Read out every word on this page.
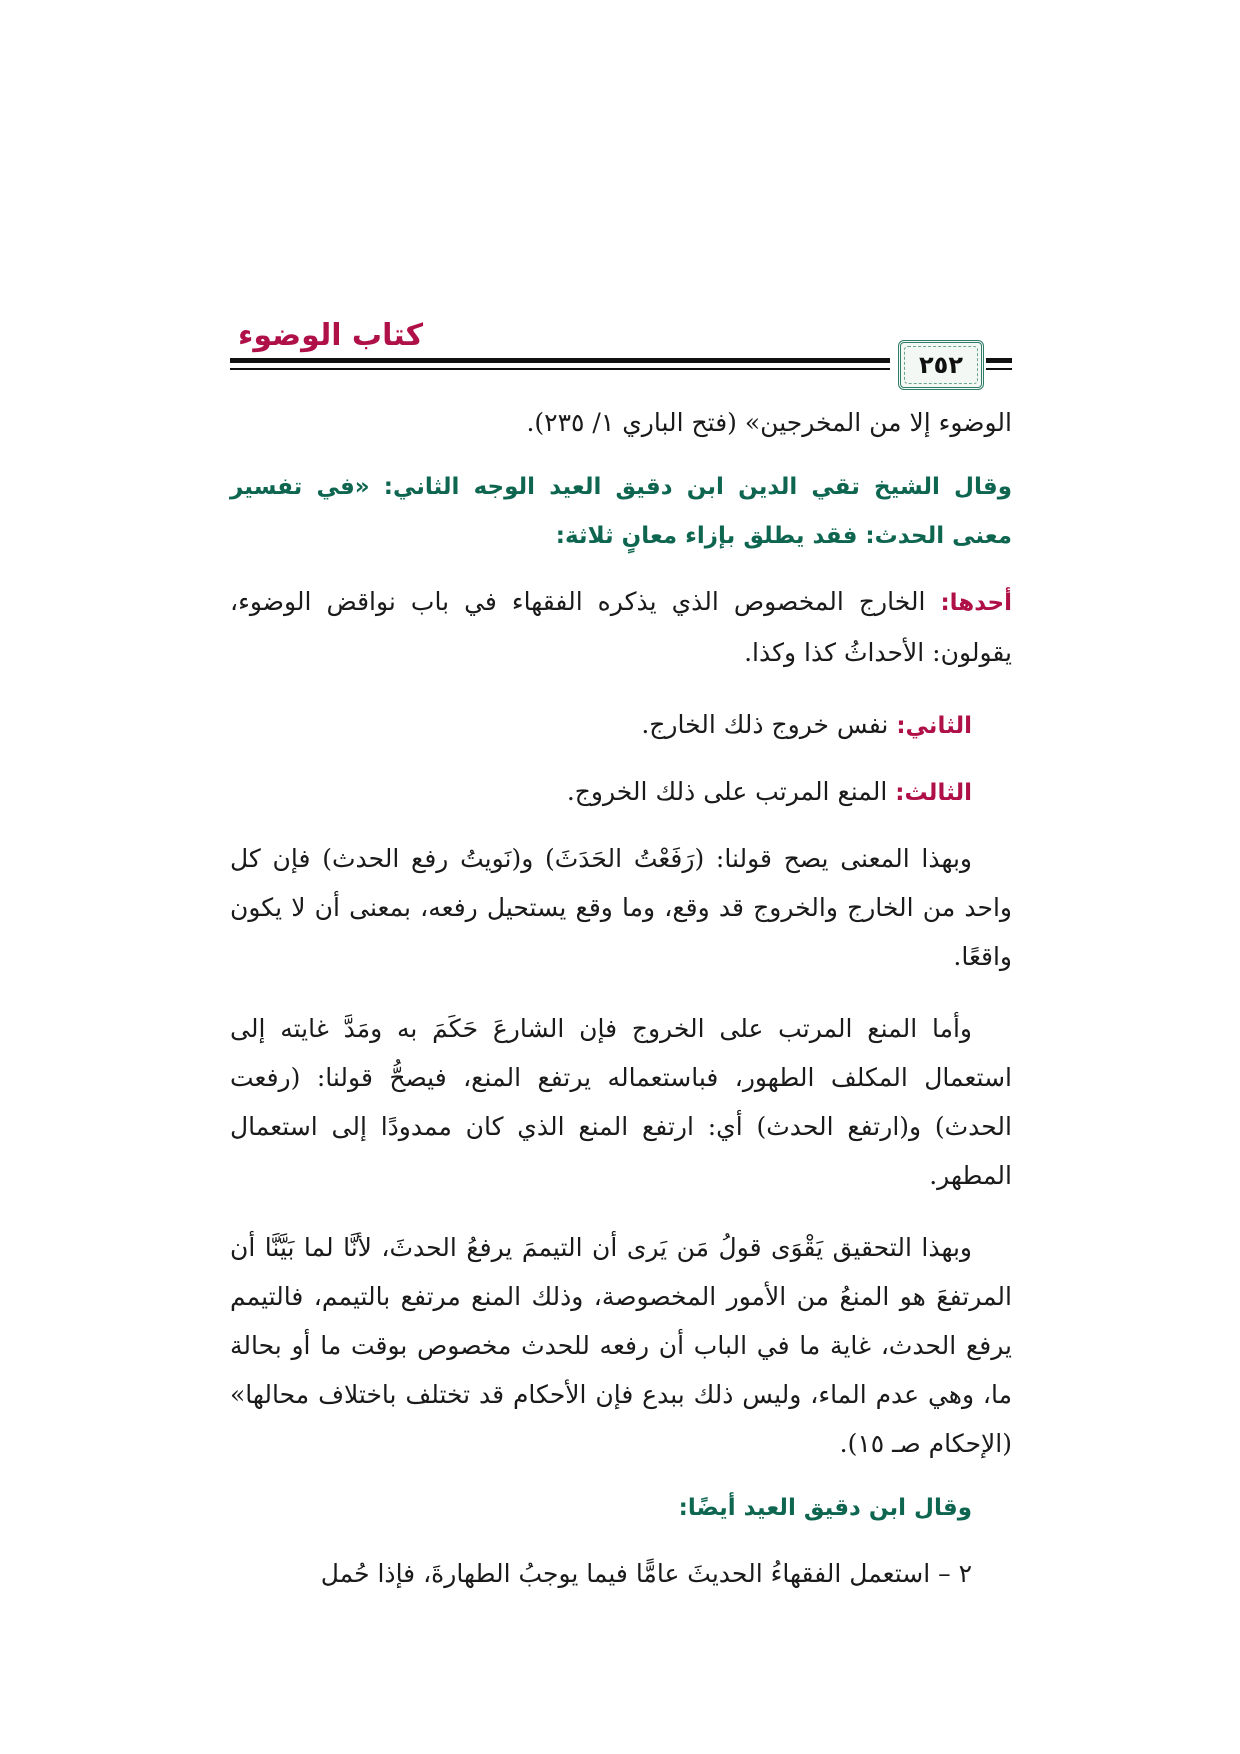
كتاب الوضوء
٢٥٢

الوضوء إلا من المخرجين» (فتح الباري ١/ ٢٣٥).

وقال الشيخ تقي الدين ابن دقيق العيد الوجه الثاني: «في تفسير معنى الحدث: فقد يطلق بإزاء معانٍ ثلاثة:

أحدها: الخارج المخصوص الذي يذكره الفقهاء في باب نواقض الوضوء، يقولون: الأحداثُ كذا وكذا.

الثاني: نفس خروج ذلك الخارج.

الثالث: المنع المرتب على ذلك الخروج.

وبهذا المعنى يصح قولنا: (رَفَعْتُ الحَدَثَ) و(نَويتُ رفع الحدث) فإن كل واحد من الخارج والخروج قد وقع، وما وقع يستحيل رفعه، بمعنى أن لا يكون واقعًا.

وأما المنع المرتب على الخروج فإن الشارعَ حَكَمَ به ومَدَّ غايته إلى استعمال المكلف الطهور، فباستعماله يرتفع المنع، فيصحُّ قولنا: (رفعت الحدث) و(ارتفع الحدث) أي: ارتفع المنع الذي كان ممدودًا إلى استعمال المطهر.

وبهذا التحقيق يَقْوَى قولُ مَن يَرى أن التيممَ يرفعُ الحدثَ، لأنَّا لما بَيَّنَّا أن المرتفعَ هو المنعُ من الأمور المخصوصة، وذلك المنع مرتفع بالتيمم، فالتيمم يرفع الحدث، غاية ما في الباب أن رفعه للحدث مخصوص بوقت ما أو بحالة ما، وهي عدم الماء، وليس ذلك ببدع فإن الأحكام قد تختلف باختلاف محالها» (الإحكام صـ ١٥).

وقال ابن دقيق العيد أيضًا:

٢ – استعمل الفقهاءُ الحديثَ عامًّا فيما يوجبُ الطهارةَ، فإذا حُمل
